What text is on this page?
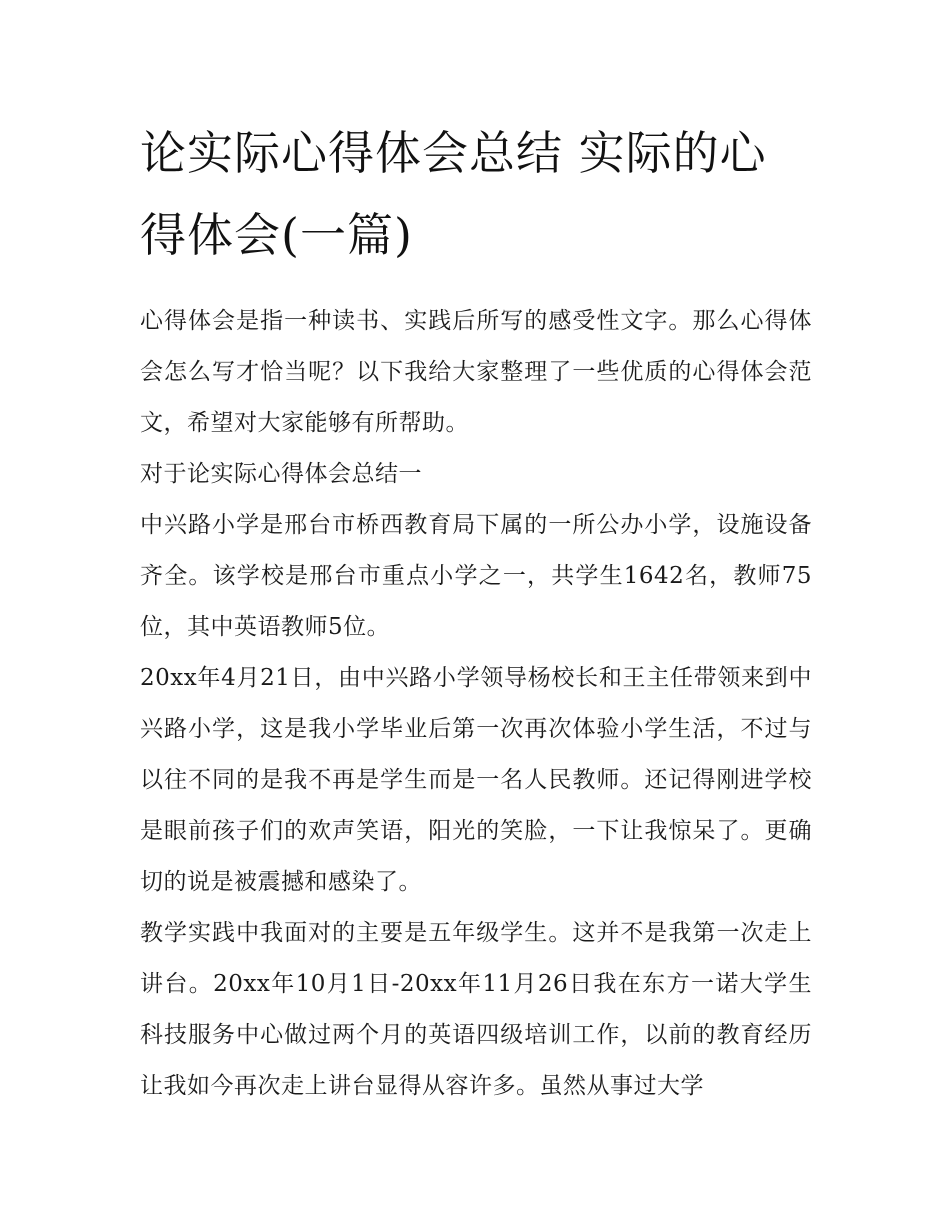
论实际心得体会总结 实际的心得体会(一篇)

心得体会是指一种读书、实践后所写的感受性文字。那么心得体会怎么写才恰当呢？以下我给大家整理了一些优质的心得体会范文，希望对大家能够有所帮助。

对于论实际心得体会总结一

中兴路小学是邢台市桥西教育局下属的一所公办小学，设施设备齐全。该学校是邢台市重点小学之一，共学生1642名，教师75位，其中英语教师5位。

20xx年4月21日，由中兴路小学领导杨校长和王主任带领来到中兴路小学，这是我小学毕业后第一次再次体验小学生活，不过与以往不同的是我不再是学生而是一名人民教师。还记得刚进学校是眼前孩子们的欢声笑语，阳光的笑脸，一下让我惊呆了。更确切的说是被震撼和感染了。

教学实践中我面对的主要是五年级学生。这并不是我第一次走上讲台。20xx年10月1日-20xx年11月26日我在东方一诺大学生科技服务中心做过两个月的英语四级培训工作，以前的教育经历让我如今再次走上讲台显得从容许多。虽然从事过大学
